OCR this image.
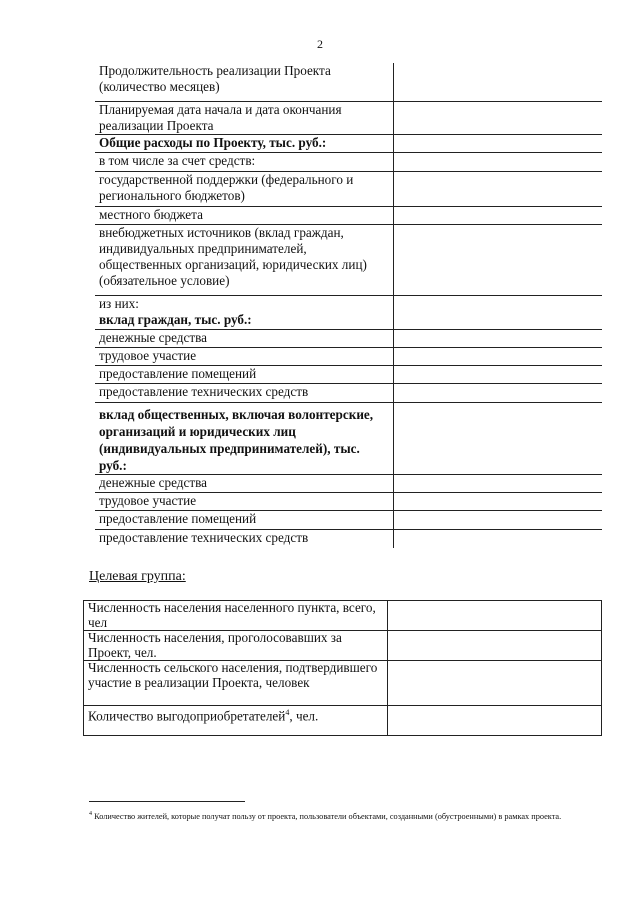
2
Продолжительность реализации Проекта (количество месяцев)	
Планируемая дата начала и дата окончания реализации Проекта	
Общие расходы по Проекту, тыс. руб.:	
в том числе за счет средств:	
государственной поддержки (федерального и регионального бюджетов)	
местного бюджета	
внебюджетных источников (вклад граждан, индивидуальных предпринимателей, общественных организаций, юридических лиц) (обязательное условие)	

из них:
вклад граждан, тыс. руб.:	

денежные средства	
трудовое участие	
предоставление помещений	
предоставление технических средств	
вклад общественных, включая волонтерские, организаций и юридических лиц (индивидуальных предпринимателей), тыс. руб.:	
денежные средства	
трудовое участие	
предоставление помещений	
предоставление технических средств	
Целевая группа:
Численность населения населенного пункта, всего, чел	
Численность населения, проголосовавших за Проект, чел.	
Численность сельского населения, подтвердившего участие в реализации Проекта, человек	
Количество выгодоприобретателей$^4$, чел.	
$^4$ Количество жителей, которые получат пользу от проекта, пользователи объектами, созданными (обустроенными) в рамках проекта.
